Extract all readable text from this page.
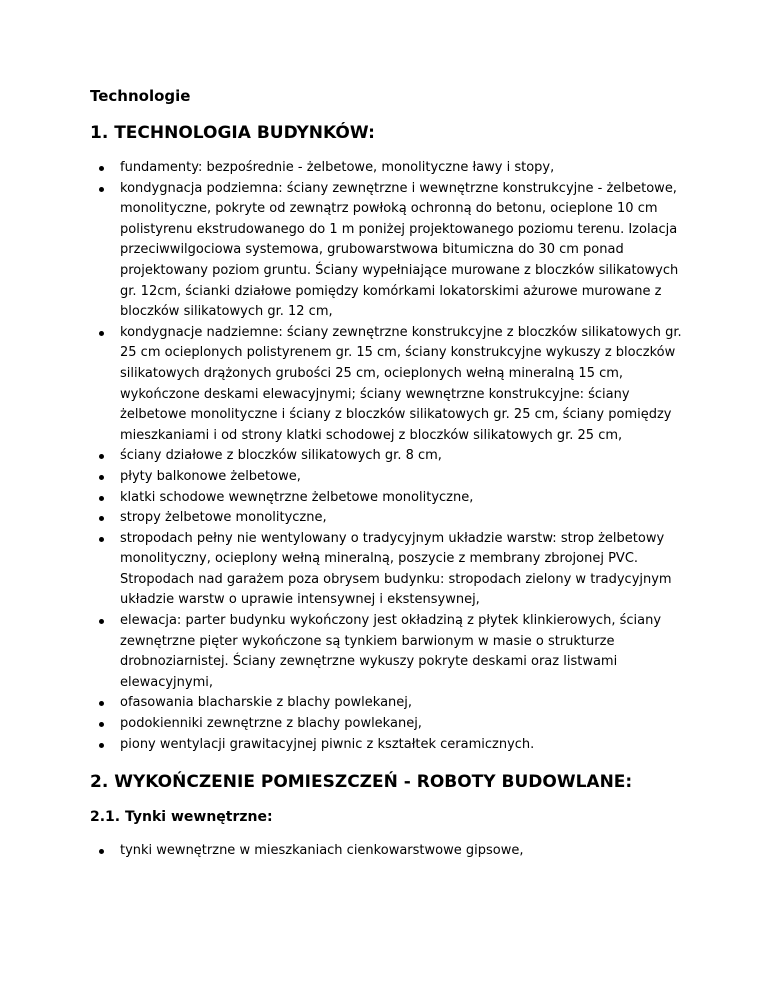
Technologie

1. TECHNOLOGIA BUDYNKÓW:
fundamenty: bezpośrednie - żelbetowe, monolityczne ławy i stopy,
kondygnacja podziemna: ściany zewnętrzne i wewnętrzne konstrukcyjne - żelbetowe, monolityczne, pokryte od zewnątrz powłoką ochronną do betonu, ocieplone 10 cm polistyrenu ekstrudowanego do 1 m poniżej projektowanego poziomu terenu. Izolacja przeciwwilgociowa systemowa, grubowarstwowa bitumiczna do 30 cm ponad projektowany poziom gruntu. Ściany wypełniające murowane z bloczków silikatowych gr. 12cm, ścianki działowe pomiędzy komórkami lokatorskimi ażurowe murowane z bloczków silikatowych gr. 12 cm,
kondygnacje nadziemne: ściany zewnętrzne konstrukcyjne z bloczków silikatowych gr. 25 cm ocieplonych polistyrenem gr. 15 cm, ściany konstrukcyjne wykuszy z bloczków silikatowych drążonych grubości 25 cm, ocieplonych wełną mineralną 15 cm, wykończone deskami elewacyjnymi; ściany wewnętrzne konstrukcyjne: ściany żelbetowe monolityczne i ściany z bloczków silikatowych gr. 25 cm, ściany pomiędzy mieszkaniami i od strony klatki schodowej z bloczków silikatowych gr. 25 cm,
ściany działowe z bloczków silikatowych gr. 8 cm,
płyty balkonowe żelbetowe,
klatki schodowe wewnętrzne żelbetowe monolityczne,
stropy żelbetowe monolityczne,
stropodach pełny nie wentylowany o tradycyjnym układzie warstw: strop żelbetowy monolityczny, ocieplony wełną mineralną, poszycie z membrany zbrojonej PVC. Stropodach nad garażem poza obrysem budynku: stropodach zielony w tradycyjnym układzie warstw o uprawie intensywnej i ekstensywnej,
elewacja: parter budynku wykończony jest okładziną z płytek klinkierowych, ściany zewnętrzne pięter wykończone są tynkiem barwionym w masie o strukturze drobnoziarnistej. Ściany zewnętrzne wykuszy pokryte deskami oraz listwami elewacyjnymi,
ofasowania blacharskie z blachy powlekanej,
podokienniki zewnętrzne z blachy powlekanej,
piony wentylacji grawitacyjnej piwnic z kształtek ceramicznych.
2. WYKOŃCZENIE POMIESZCZEŃ - ROBOTY BUDOWLANE:
2.1. Tynki wewnętrzne:
tynki wewnętrzne w mieszkaniach cienkowarstwowe gipsowe,
